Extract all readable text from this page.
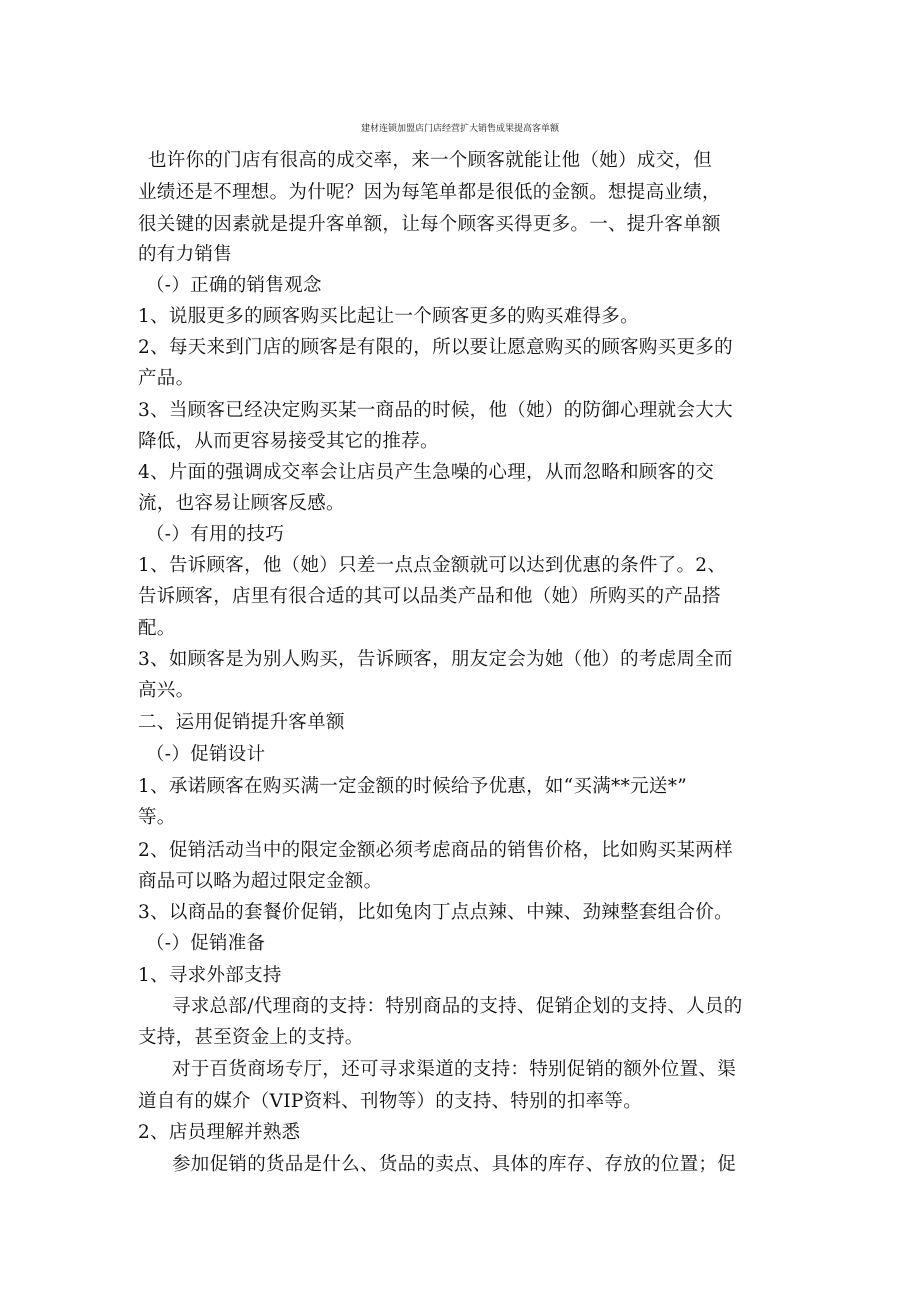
建材连锁加盟店门店经营扩大销售成果提高客单额
也许你的门店有很高的成交率，来一个顾客就能让他（她）成交，但
业绩还是不理想。为什呢？因为每笔单都是很低的金额。想提高业绩，
很关键的因素就是提升客单额，让每个顾客买得更多。一、提升客单额
的有力销售
（-）正确的销售观念
1、说服更多的顾客购买比起让一个顾客更多的购买难得多。
2、每天来到门店的顾客是有限的，所以要让愿意购买的顾客购买更多的
产品。
3、当顾客已经决定购买某一商品的时候，他（她）的防御心理就会大大
降低，从而更容易接受其它的推荐。
4、片面的强调成交率会让店员产生急噪的心理，从而忽略和顾客的交
流，也容易让顾客反感。
（-）有用的技巧
1、告诉顾客，他（她）只差一点点金额就可以达到优惠的条件了。2、
告诉顾客，店里有很合适的其可以品类产品和他（她）所购买的产品搭
配。
3、如顾客是为别人购买，告诉顾客，朋友定会为她（他）的考虑周全而
高兴。
二、运用促销提升客单额
（-）促销设计
1、承诺顾客在购买满一定金额的时候给予优惠，如“买满**元送*”
等。
2、促销活动当中的限定金额必须考虑商品的销售价格，比如购买某两样
商品可以略为超过限定金额。
3、以商品的套餐价促销，比如兔肉丁点点辣、中辣、劲辣整套组合价。
（-）促销准备
1、寻求外部支持
寻求总部/代理商的支持：特别商品的支持、促销企划的支持、人员的
支持，甚至资金上的支持。
对于百货商场专厅，还可寻求渠道的支持：特别促销的额外位置、渠
道自有的媒介（VIP资料、刊物等）的支持、特别的扣率等。
2、店员理解并熟悉
参加促销的货品是什么、货品的卖点、具体的库存、存放的位置；促
